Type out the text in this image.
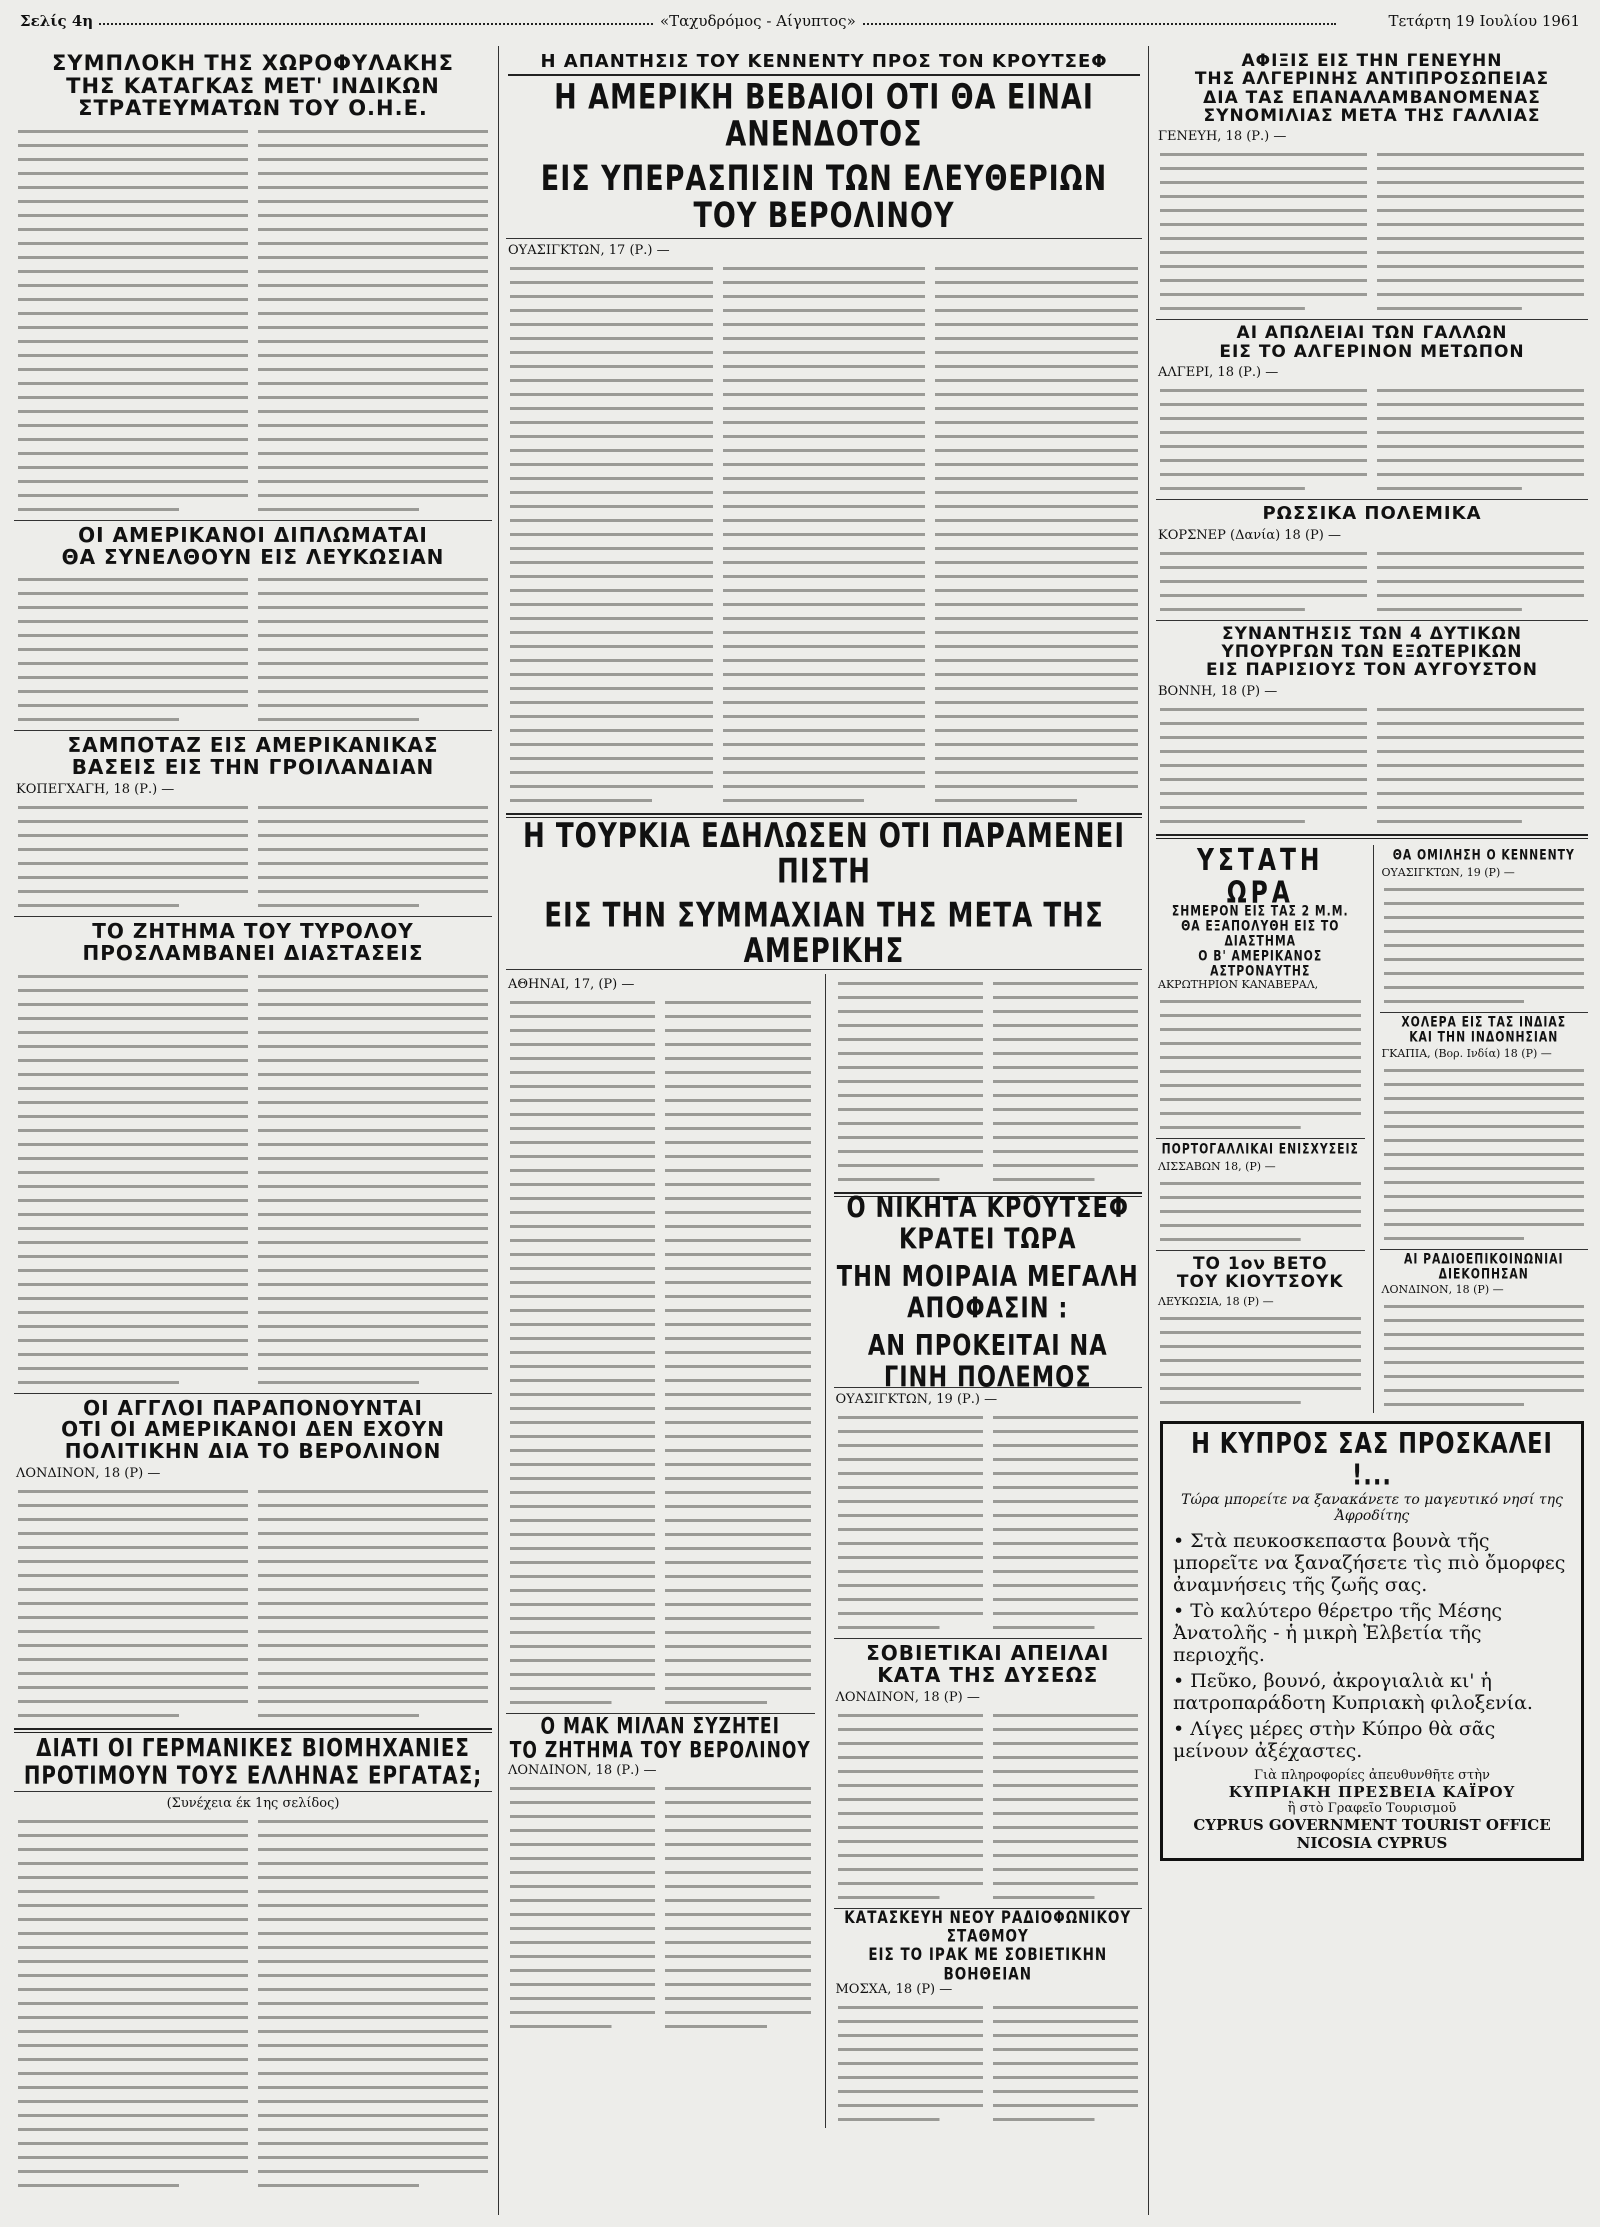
Σελίς 4η	«Ταχυδρόμος - Αίγυπτος»	Τετάρτη 19 Ιουλίου 1961
ΣΥΜΠΛΟΚΗ ΤΗΣ ΧΩΡΟΦΥΛΑΚΗΣ
ΤΗΣ ΚΑΤΑΓΚΑΣ ΜΕΤ' ΙΝΔΙΚΩΝ
ΣΤΡΑΤΕΥΜΑΤΩΝ ΤΟΥ Ο.Η.Ε.
ΟΙ ΑΜΕΡΙΚΑΝΟΙ ΔΙΠΛΩΜΑΤΑΙ
ΘΑ ΣΥΝΕΛΘΟΥΝ ΕΙΣ ΛΕΥΚΩΣΙΑΝ
ΣΑΜΠΟΤΑΖ ΕΙΣ ΑΜΕΡΙΚΑΝΙΚΑΣ
ΒΑΣΕΙΣ ΕΙΣ ΤΗΝ ΓΡΟΙΛΑΝΔΙΑΝ
ΚΟΠΕΓΧΑΓΗ, 18 (Ρ.) —
ΤΟ ΖΗΤΗΜΑ ΤΟΥ ΤΥΡΟΛΟΥ
ΠΡΟΣΛΑΜΒΑΝΕΙ ΔΙΑΣΤΑΣΕΙΣ
ΟΙ ΑΓΓΛΟΙ ΠΑΡΑΠΟΝΟΥΝΤΑΙ
ΟΤΙ ΟΙ ΑΜΕΡΙΚΑΝΟΙ ΔΕΝ ΕΧΟΥΝ
ΠΟΛΙΤΙΚΗΝ ΔΙΑ ΤΟ ΒΕΡΟΛΙΝΟΝ
ΛΟΝΔΙΝΟΝ, 18 (Ρ) —
ΔΙΑΤΙ ΟΙ ΓΕΡΜΑΝΙΚΕΣ ΒΙΟΜΗΧΑΝΙΕΣ
ΠΡΟΤΙΜΟΥΝ ΤΟΥΣ ΕΛΛΗΝΑΣ ΕΡΓΑΤΑΣ;
(Συνέχεια έκ 1ης σελίδος)
Η ΑΠΑΝΤΗΣΙΣ ΤΟΥ ΚΕΝΝΕΝΤΥ ΠΡΟΣ ΤΟΝ ΚΡΟΥΤΣΕΦ
Η ΑΜΕΡΙΚΗ ΒΕΒΑΙΟΙ ΟΤΙ ΘΑ ΕΙΝΑΙ ΑΝΕΝΔΟΤΟΣ
ΕΙΣ ΥΠΕΡΑΣΠΙΣΙΝ ΤΩΝ ΕΛΕΥΘΕΡΙΩΝ ΤΟΥ ΒΕΡΟΛΙΝΟΥ
ΟΥΑΣΙΓΚΤΩΝ, 17 (Ρ.) —
Η ΤΟΥΡΚΙΑ ΕΔΗΛΩΣΕΝ ΟΤΙ ΠΑΡΑΜΕΝΕΙ ΠΙΣΤΗ
ΕΙΣ ΤΗΝ ΣΥΜΜΑΧΙΑΝ ΤΗΣ ΜΕΤΑ ΤΗΣ ΑΜΕΡΙΚΗΣ
ΑΘΗΝΑΙ, 17, (Ρ) —
Ο ΜΑΚ ΜΙΛΑΝ ΣΥΖΗΤΕΙ
ΤΟ ΖΗΤΗΜΑ ΤΟΥ ΒΕΡΟΛΙΝΟΥ
ΛΟΝΔΙΝΟΝ, 18 (Ρ.) —
Ο ΝΙΚΗΤΑ ΚΡΟΥΤΣΕΦ ΚΡΑΤΕΙ ΤΩΡΑ
ΤΗΝ ΜΟΙΡΑΙΑ ΜΕΓΑΛΗ ΑΠΟΦΑΣΙΝ :
ΑΝ ΠΡΟΚΕΙΤΑΙ ΝΑ ΓΙΝΗ ΠΟΛΕΜΟΣ
ΟΥΑΣΙΓΚΤΩΝ, 19 (Ρ.) —
ΣΟΒΙΕΤΙΚΑΙ ΑΠΕΙΛΑΙ
ΚΑΤΑ ΤΗΣ ΔΥΣΕΩΣ
ΛΟΝΔΙΝΟΝ, 18 (Ρ) —
ΚΑΤΑΣΚΕΥΗ ΝΕΟΥ ΡΑΔΙΟΦΩΝΙΚΟΥ ΣΤΑΘΜΟΥ
ΕΙΣ ΤΟ ΙΡΑΚ ΜΕ ΣΟΒΙΕΤΙΚΗΝ ΒΟΗΘΕΙΑΝ
ΜΟΣΧΑ, 18 (Ρ) —
ΑΦΙΞΙΣ ΕΙΣ ΤΗΝ ΓΕΝΕΥΗΝ
ΤΗΣ ΑΛΓΕΡΙΝΗΣ ΑΝΤΙΠΡΟΣΩΠΕΙΑΣ
ΔΙΑ ΤΑΣ ΕΠΑΝΑΛΑΜΒΑΝΟΜΕΝΑΣ
ΣΥΝΟΜΙΛΙΑΣ ΜΕΤΑ ΤΗΣ ΓΑΛΛΙΑΣ
ΓΕΝΕΥΗ, 18 (Ρ.) —
ΑΙ ΑΠΩΛΕΙΑΙ ΤΩΝ ΓΑΛΛΩΝ
ΕΙΣ ΤΟ ΑΛΓΕΡΙΝΟΝ ΜΕΤΩΠΟΝ
ΑΛΓΕΡΙ, 18 (Ρ.) —
ΡΩΣΣΙΚΑ ΠΟΛΕΜΙΚΑ
ΚΟΡΣΝΕΡ (Δανία) 18 (Ρ) —
ΣΥΝΑΝΤΗΣΙΣ ΤΩΝ 4 ΔΥΤΙΚΩΝ
ΥΠΟΥΡΓΩΝ ΤΩΝ ΕΞΩΤΕΡΙΚΩΝ
ΕΙΣ ΠΑΡΙΣΙΟΥΣ ΤΟΝ ΑΥΓΟΥΣΤΟΝ
ΒΟΝΝΗ, 18 (Ρ) —
ΥΣΤΑΤΗ ΩΡΑ
ΣΗΜΕΡΟΝ ΕΙΣ ΤΑΣ 2 Μ.Μ.
ΘΑ ΕΞΑΠΟΛΥΘΗ ΕΙΣ ΤΟ ΔΙΑΣΤΗΜΑ
Ο Β' ΑΜΕΡΙΚΑΝΟΣ ΑΣΤΡΟΝΑΥΤΗΣ
ΑΚΡΩΤΗΡΙΟΝ ΚΑΝΑΒΕΡΑΛ,
ΠΟΡΤΟΓΑΛΛΙΚΑΙ ΕΝΙΣΧΥΣΕΙΣ
ΛΙΣΣΑΒΩΝ 18, (Ρ) —
ΤΟ 1ον ΒΕΤΟ
ΤΟΥ ΚΙΟΥΤΣΟΥΚ
ΛΕΥΚΩΣΙΑ, 18 (Ρ) —
ΘΑ ΟΜΙΛΗΣΗ Ο ΚΕΝΝΕΝΤΥ
ΟΥΑΣΙΓΚΤΩΝ, 19 (Ρ) —
ΧΟΛΕΡΑ ΕΙΣ ΤΑΣ ΙΝΔΙΑΣ
ΚΑΙ ΤΗΝ ΙΝΔΟΝΗΣΙΑΝ
ΓΚΑΠΙΑ, (Βορ. Ινδία) 18 (Ρ) —
ΑΙ ΡΑΔΙΟΕΠΙΚΟΙΝΩΝΙΑΙ
ΔΙΕΚΟΠΗΣΑΝ
ΛΟΝΔΙΝΟΝ, 18 (Ρ) —
Η ΚΥΠΡΟΣ ΣΑΣ ΠΡΟΣΚΑΛΕΙ !...
Τώρα μπορείτε να ξανακάνετε το μαγευτικό νησί της Ἀφροδίτης
• Στὰ πευκοσκεπαστα βουνὰ τῆς μπορεῖτε να ξαναζήσετε τὶς πιὸ ὄμορφες ἀναμνήσεις τῆς ζωῆς σας.
• Τὸ καλύτερο θέρετρο τῆς Μέσης Ἀνατολῆς - ἡ μικρὴ Ἑλβετία τῆς περιοχῆς.
• Πεῦκο, βουνό, ἀκρογιαλιὰ κι' ἡ πατροπαράδοτη Κυπριακὴ φιλοξενία.
• Λίγες μέρες στὴν Κύπρο θὰ σᾶς μείνουν ἀξέχαστες.
Γιὰ πληροφορίες ἀπευθυνθῆτε στὴν
ΚΥΠΡΙΑΚΗ ΠΡΕΣΒΕΙΑ ΚΑΪΡΟΥ
ἢ στὸ Γραφεῖο Τουρισμοῦ
CYPRUS GOVERNMENT TOURIST OFFICE
NICOSIA CYPRUS
